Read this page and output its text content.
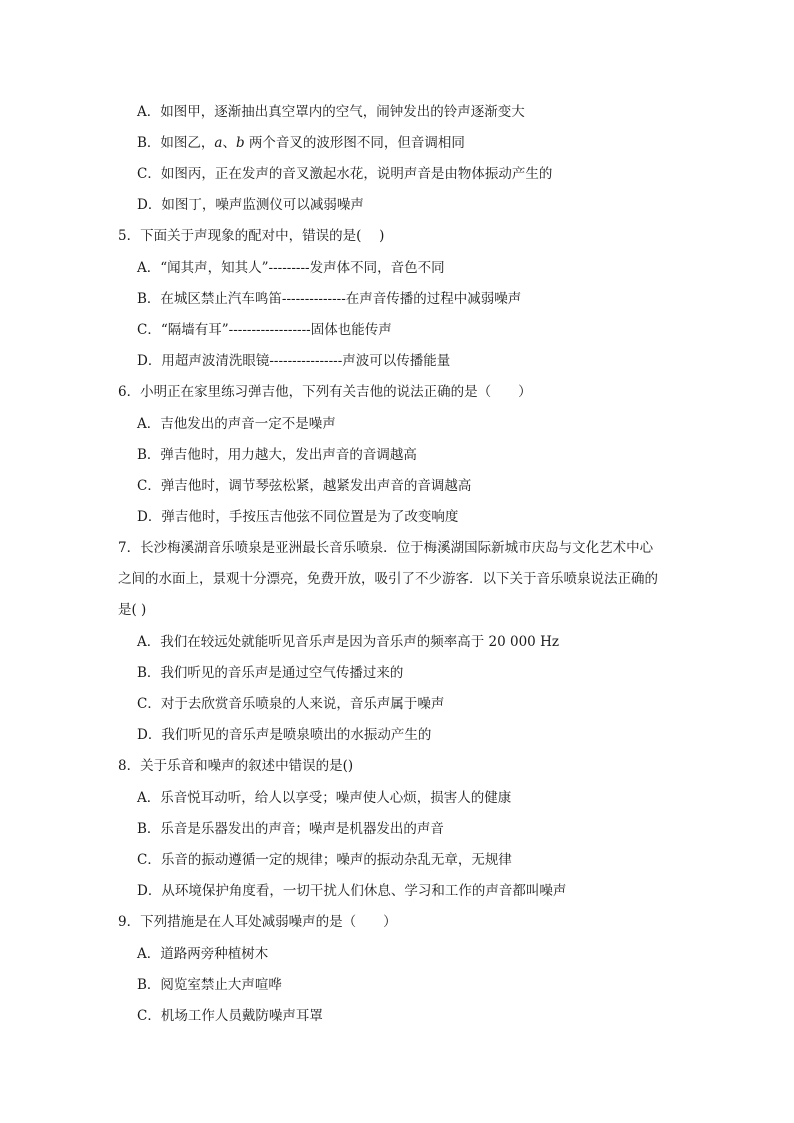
A．如图甲，逐渐抽出真空罩内的空气，闹钟发出的铃声逐渐变大
B．如图乙，a、b 两个音叉的波形图不同，但音调相同
C．如图丙，正在发声的音叉激起水花，说明声音是由物体振动产生的
D．如图丁，噪声监测仪可以减弱噪声
5．下面关于声现象的配对中，错误的是(　 )
A．“闻其声，知其人”---------发声体不同，音色不同
B．在城区禁止汽车鸣笛--------------在声音传播的过程中减弱噪声
C．“隔墙有耳”------------------固体也能传声
D．用超声波清洗眼镜----------------声波可以传播能量
6．小明正在家里练习弹吉他，下列有关吉他的说法正确的是（　　）
A．吉他发出的声音一定不是噪声
B．弹吉他时，用力越大，发出声音的音调越高
C．弹吉他时，调节琴弦松紧，越紧发出声音的音调越高
D．弹吉他时，手按压吉他弦不同位置是为了改变响度
7．长沙梅溪湖音乐喷泉是亚洲最长音乐喷泉．位于梅溪湖国际新城市庆岛与文化艺术中心
之间的水面上，景观十分漂亮，免费开放，吸引了不少游客．以下关于音乐喷泉说法正确的
是( )
A．我们在较远处就能听见音乐声是因为音乐声的频率高于 20 000 Hz
B．我们听见的音乐声是通过空气传播过来的
C．对于去欣赏音乐喷泉的人来说，音乐声属于噪声
D．我们听见的音乐声是喷泉喷出的水振动产生的
8．关于乐音和噪声的叙述中错误的是()
A．乐音悦耳动听，给人以享受；噪声使人心烦，损害人的健康
B．乐音是乐器发出的声音；噪声是机器发出的声音
C．乐音的振动遵循一定的规律；噪声的振动杂乱无章，无规律
D．从环境保护角度看，一切干扰人们休息、学习和工作的声音都叫噪声
9．下列措施是在人耳处减弱噪声的是（　　）
A．道路两旁种植树木
B．阅览室禁止大声喧哗
C．机场工作人员戴防噪声耳罩
